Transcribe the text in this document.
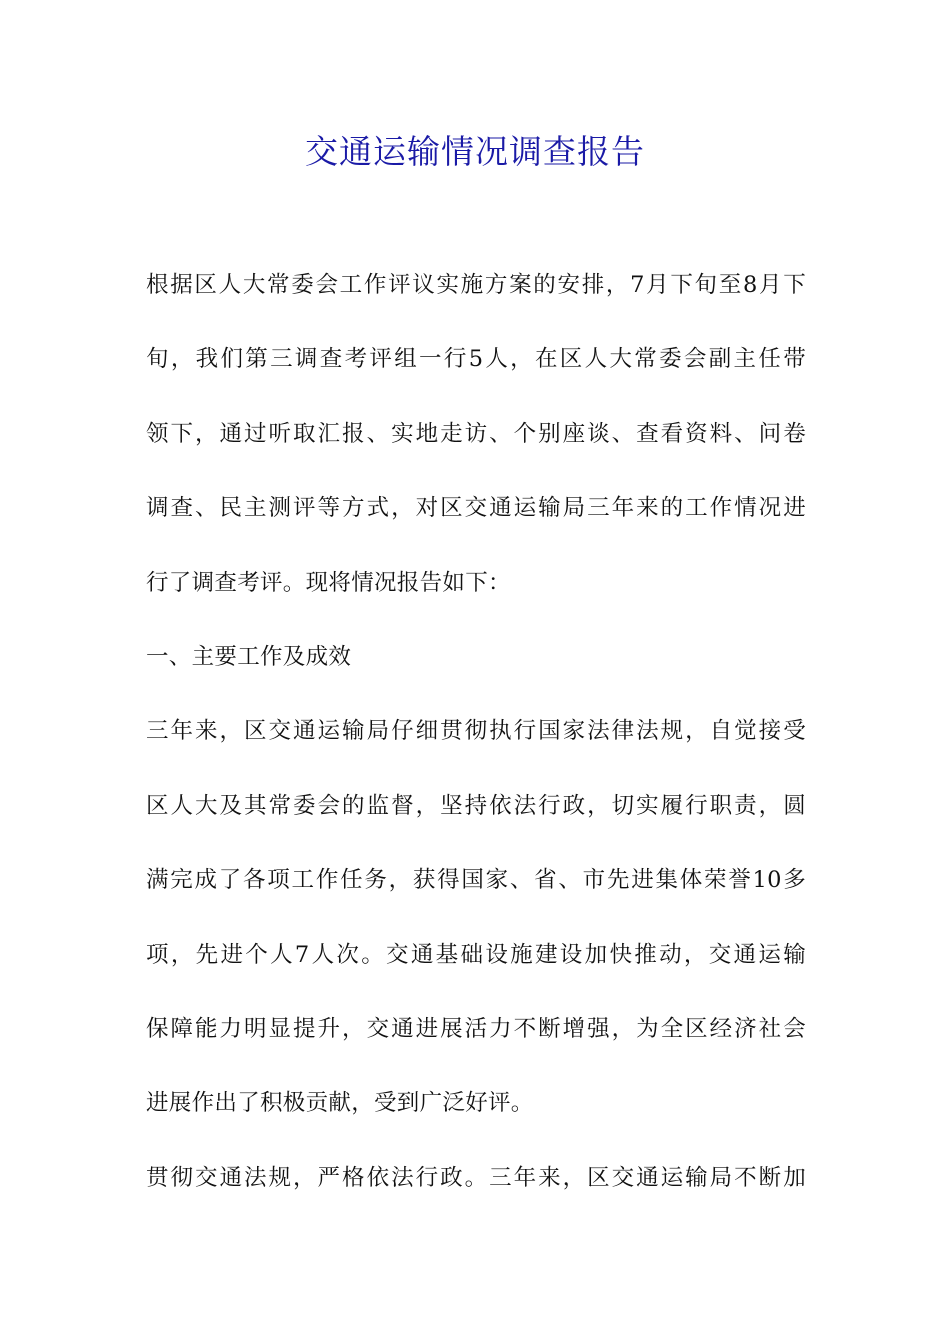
交通运输情况调查报告
根据区人大常委会工作评议实施方案的安排，7月下旬至8月下
旬，我们第三调查考评组一行5人，在区人大常委会副主任带
领下，通过听取汇报、实地走访、个别座谈、查看资料、问卷
调查、民主测评等方式，对区交通运输局三年来的工作情况进
行了调查考评。现将情况报告如下：
一、主要工作及成效
三年来，区交通运输局仔细贯彻执行国家法律法规，自觉接受
区人大及其常委会的监督，坚持依法行政，切实履行职责，圆
满完成了各项工作任务，获得国家、省、市先进集体荣誉10多
项，先进个人7人次。交通基础设施建设加快推动，交通运输
保障能力明显提升，交通进展活力不断增强，为全区经济社会
进展作出了积极贡献，受到广泛好评。
贯彻交通法规，严格依法行政。三年来，区交通运输局不断加
